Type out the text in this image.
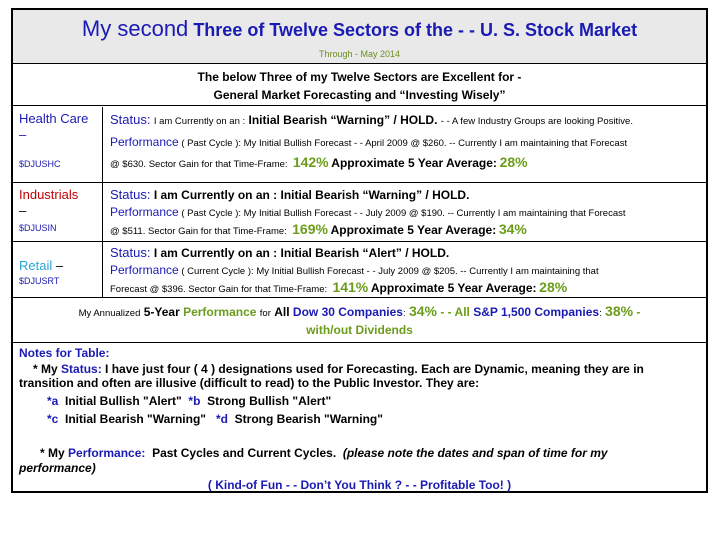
My second Three of Twelve Sectors of the - - U. S. Stock Market
Through - May 2014
The below Three of my Twelve Sectors are Excellent for -
General Market Forecasting and “Investing Wisely”
Health Care
–
$DJUSHC
Status: I am Currently on an : Initial Bearish “Warning” / HOLD. - - A few Industry Groups are looking Positive.
Performance ( Past Cycle ): My Initial Bullish Forecast - - April 2009 @ $260. -- Currently I am maintaining that Forecast
@ $630. Sector Gain for that Time-Frame: 142% Approximate 5 Year Average: 28%
Industrials
–
$DJUSIN
Status: I am Currently on an : Initial Bearish “Warning” / HOLD.
Performance ( Past Cycle ): My Initial Bullish Forecast - - July 2009 @ $190. -- Currently I am maintaining that Forecast
@ $511. Sector Gain for that Time-Frame: 169% Approximate 5 Year Average: 34%
Retail –
$DJUSRT
Status: I am Currently on an : Initial Bearish “Alert” / HOLD.
Performance ( Current Cycle ): My Initial Bullish Forecast - - July 2009 @ $205. -- Currently I am maintaining that
Forecast @ $396. Sector Gain for that Time-Frame: 141% Approximate 5 Year Average: 28%
My Annualized 5-Year Performance for All Dow 30 Companies: 34% - - All S&P 1,500 Companies: 38% -
with/out Dividends
Notes for Table:
* My Status: I have just four ( 4 ) designations used for Forecasting. Each are Dynamic, meaning they are in
transition and often are illusive (difficult to read) to the Public Investor. They are:
*a Initial Bullish "Alert" *b Strong Bullish "Alert"
*c Initial Bearish "Warning" *d Strong Bearish "Warning"
* My Performance: Past Cycles and Current Cycles. (please note the dates and span of time for my
performance)
( Kind-of Fun - - Don’t You Think ? - - Profitable Too! )
